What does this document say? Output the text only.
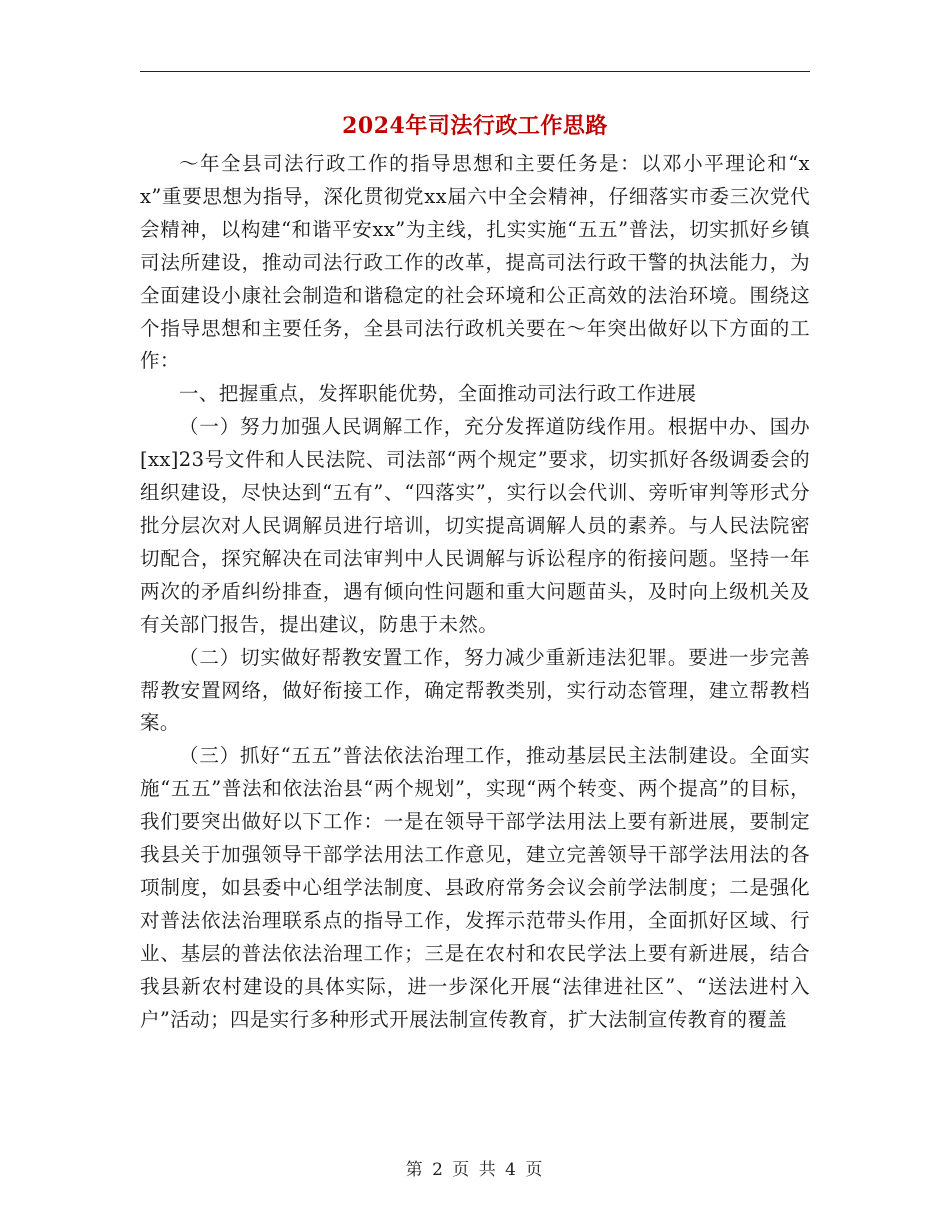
2024年司法行政工作思路

～年全县司法行政工作的指导思想和主要任务是：以邓小平理论和“xx”重要思想为指导，深化贯彻党xx届六中全会精神，仔细落实市委三次党代会精神，以构建“和谐平安xx”为主线，扎实实施“五五”普法，切实抓好乡镇司法所建设，推动司法行政工作的改革，提高司法行政干警的执法能力，为全面建设小康社会制造和谐稳定的社会环境和公正高效的法治环境。围绕这个指导思想和主要任务，全县司法行政机关要在～年突出做好以下方面的工作：

一、把握重点，发挥职能优势，全面推动司法行政工作进展

（一）努力加强人民调解工作，充分发挥道防线作用。根据中办、国办[xx]23号文件和人民法院、司法部“两个规定”要求，切实抓好各级调委会的组织建设，尽快达到“五有”、“四落实”，实行以会代训、旁听审判等形式分批分层次对人民调解员进行培训，切实提高调解人员的素养。与人民法院密切配合，探究解决在司法审判中人民调解与诉讼程序的衔接问题。坚持一年两次的矛盾纠纷排查，遇有倾向性问题和重大问题苗头，及时向上级机关及有关部门报告，提出建议，防患于未然。

（二）切实做好帮教安置工作，努力减少重新违法犯罪。要进一步完善帮教安置网络，做好衔接工作，确定帮教类别，实行动态管理，建立帮教档案。

（三）抓好“五五”普法依法治理工作，推动基层民主法制建设。全面实施“五五”普法和依法治县“两个规划”，实现“两个转变、两个提高”的目标，我们要突出做好以下工作：一是在领导干部学法用法上要有新进展，要制定我县关于加强领导干部学法用法工作意见，建立完善领导干部学法用法的各项制度，如县委中心组学法制度、县政府常务会议会前学法制度；二是强化对普法依法治理联系点的指导工作，发挥示范带头作用，全面抓好区域、行业、基层的普法依法治理工作；三是在农村和农民学法上要有新进展，结合我县新农村建设的具体实际，进一步深化开展“法律进社区”、“送法进村入户”活动；四是实行多种形式开展法制宣传教育，扩大法制宣传教育的覆盖

第 2 页 共 4 页
